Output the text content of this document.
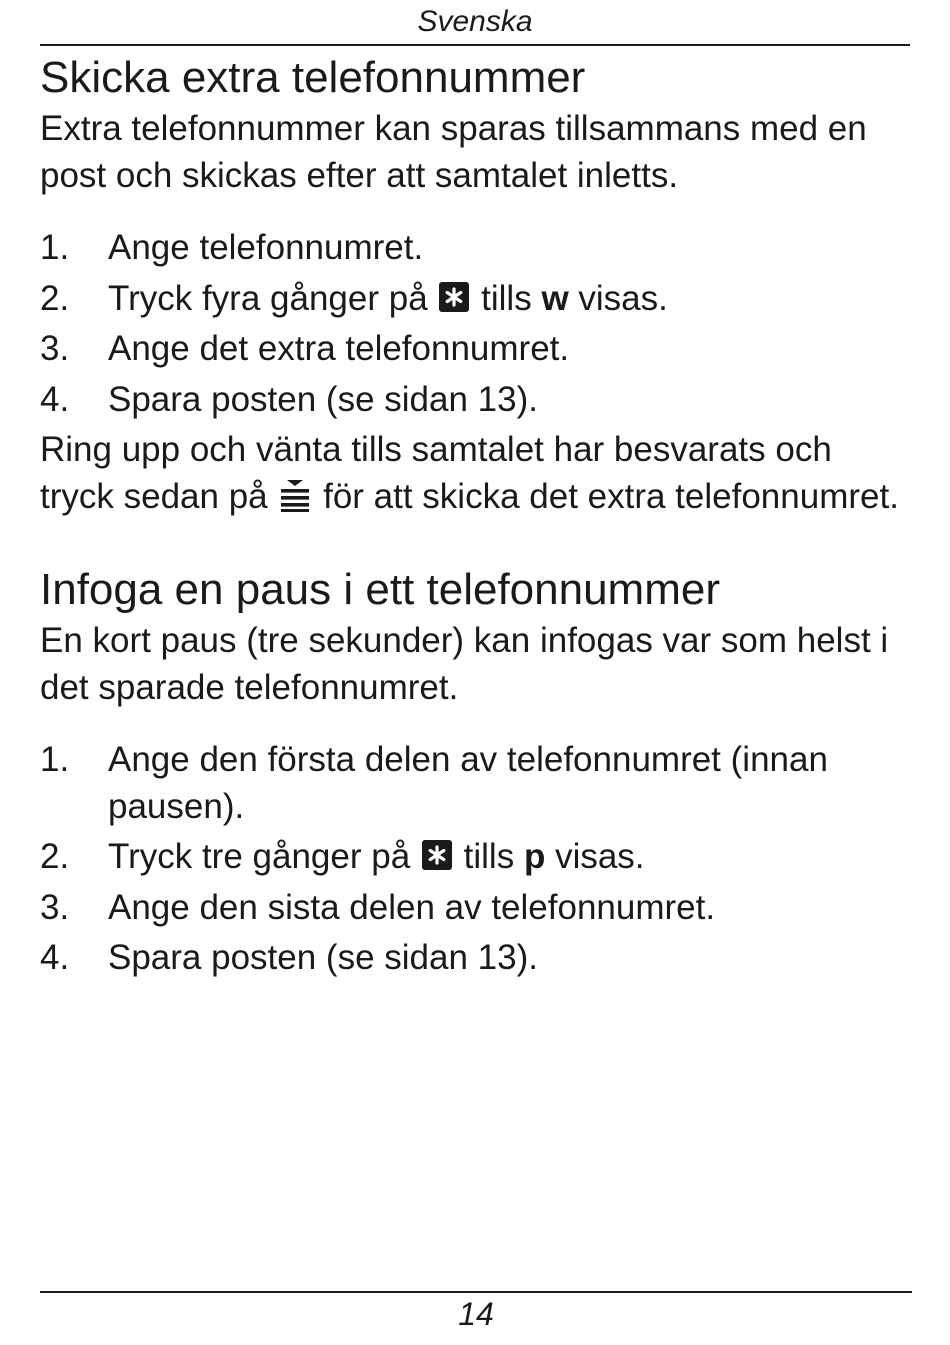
Svenska
Skicka extra telefonnummer

Extra telefonnummer kan sparas tillsammans med en post och skickas efter att samtalet inletts.

1. Ange telefonnumret.
2. Tryck fyra gånger på tills w visas.
3. Ange det extra telefonnumret.
4. Spara posten (se sidan 13).

Ring upp och vänta tills samtalet har besvarats och tryck sedan på för att skicka det extra telefonnumret.

Infoga en paus i ett telefonnummer

En kort paus (tre sekunder) kan infogas var som helst i det sparade telefonnumret.

1. Ange den första delen av telefonnumret (innan pausen).
2. Tryck tre gånger på tills p visas.
3. Ange den sista delen av telefonnumret.
4. Spara posten (se sidan 13).
14
